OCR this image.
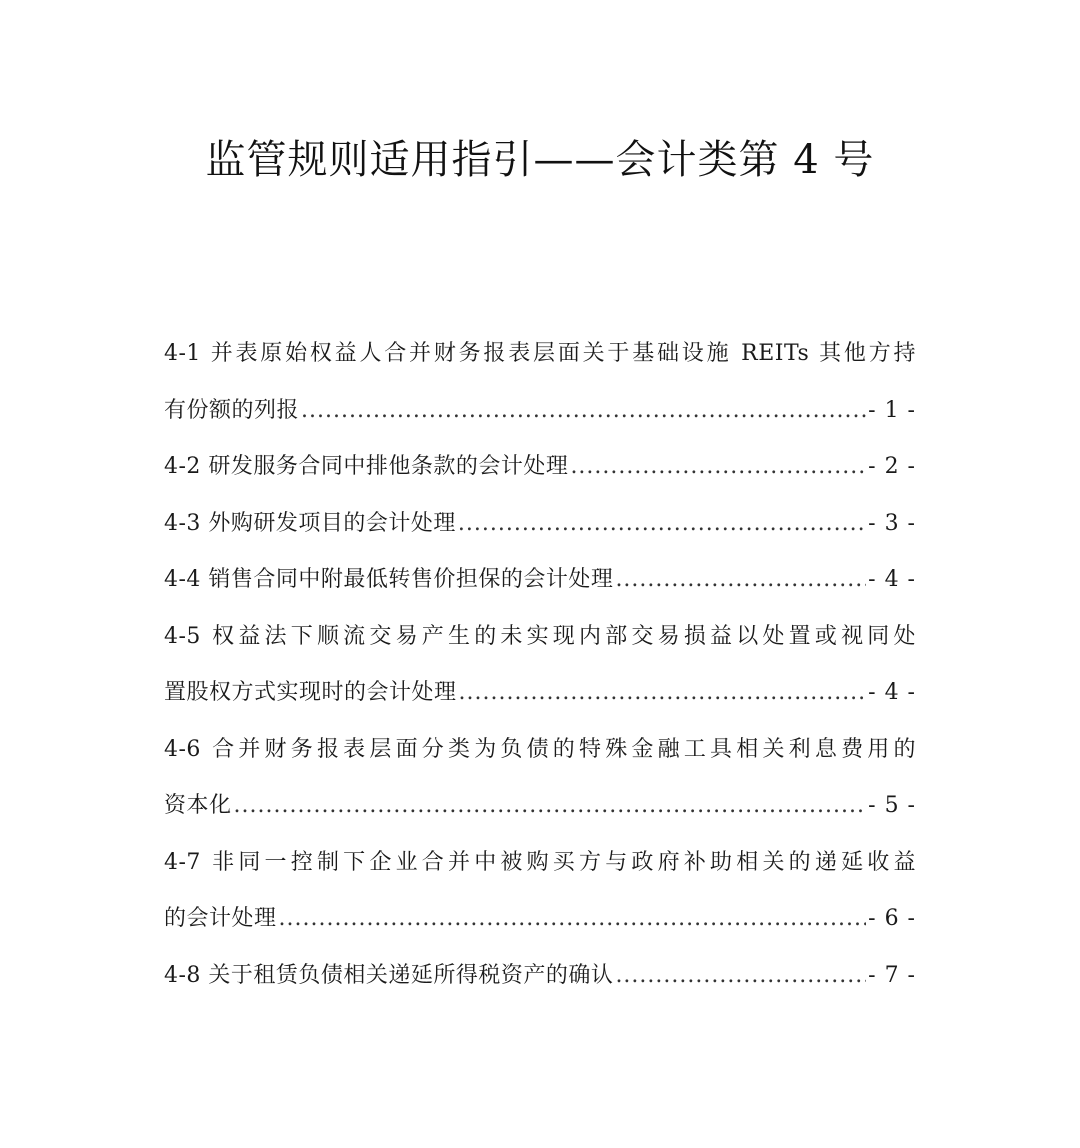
监管规则适用指引——会计类第 4 号
4-1 并表原始权益人合并财务报表层面关于基础设施 REITs 其他方持
有份额的列报 .....	- 1 -
4-2 研发服务合同中排他条款的会计处理 .....	- 2 -
4-3 外购研发项目的会计处理 .....	- 3 -
4-4 销售合同中附最低转售价担保的会计处理 .....	- 4 -
4-5 权益法下顺流交易产生的未实现内部交易损益以处置或视同处
置股权方式实现时的会计处理 .....	- 4 -
4-6 合并财务报表层面分类为负债的特殊金融工具相关利息费用的
资本化 .....	- 5 -
4-7 非同一控制下企业合并中被购买方与政府补助相关的递延收益
的会计处理 .....	- 6 -
4-8 关于租赁负债相关递延所得税资产的确认 .....	- 7 -
